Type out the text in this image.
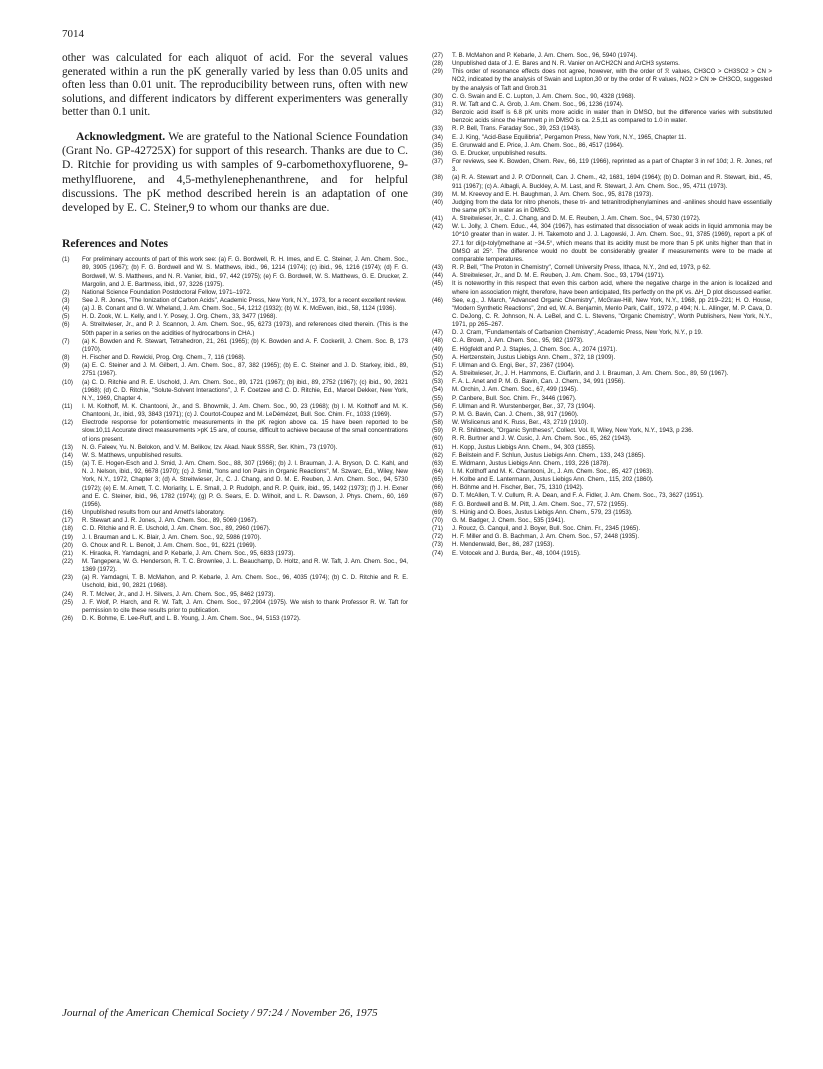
7014

other was calculated for each aliquot of acid. For the several values generated within a run the pK generally varied by less than 0.05 units and often less than 0.01 unit. The reproducibility between runs, often with new solutions, and different indicators by different experimenters was generally better than 0.1 unit.

Acknowledgment. We are grateful to the National Science Foundation (Grant No. GP-42725X) for support of this research. Thanks are due to C. D. Ritchie for providing us with samples of 9-carbomethoxyfluorene, 9-methylfluorene, and 4,5-methylenephenanthrene, and for helpful discussions. The pK method described herein is an adaptation of one developed by E. C. Steiner,9 to whom our thanks are due.

References and Notes
(1) For preliminary accounts of part of this work see: (a) F. G. Bordwell, R. H. Imes, and E. C. Steiner, J. Am. Chem. Soc., 89, 3905 (1967); (b) F. G. Bordwell and W. S. Matthews, ibid., 96, 1214 (1974); (c) ibid., 96, 1216 (1974); (d) F. G. Bordwell, W. S. Matthews, and N. R. Vanier, ibid., 97, 442 (1975); (e) F. G. Bordwell, W. S. Matthews, G. E. Drucker, Z. Margolin, and J. E. Bartmess, ibid., 97, 3226 (1975).
(2) National Science Foundation Postdoctoral Fellow, 1971–1972.
(3) See J. R. Jones, "The Ionization of Carbon Acids", Academic Press, New York, N.Y., 1973, for a recent excellent review.
(4) (a) J. B. Conant and G. W. Wheland, J. Am. Chem. Soc., 54, 1212 (1932); (b) W. K. McEwen, ibid., 58, 1124 (1936).
(5) H. D. Zook, W. L. Kelly, and I. Y. Posey, J. Org. Chem., 33, 3477 (1968).
(6) A. Streitwieser, Jr., and P. J. Scannon, J. Am. Chem. Soc., 95, 6273 (1973), and references cited therein. (This is the 50th paper in a series on the acidities of hydrocarbons in CHA.)
(7) (a) K. Bowden and R. Stewart, Tetrahedron, 21, 261 (1965); (b) K. Bowden and A. F. Cockerill, J. Chem. Soc. B, 173 (1970).
(8) H. Fischer and D. Rewicki, Prog. Org. Chem., 7, 116 (1968).
(9) (a) E. C. Steiner and J. M. Gilbert, J. Am. Chem. Soc., 87, 382 (1965); (b) E. C. Steiner and J. D. Starkey, ibid., 89, 2751 (1967).
(10) (a) C. D. Ritchie and R. E. Uschold, J. Am. Chem. Soc., 89, 1721 (1967); (b) ibid., 89, 2752 (1967); (c) ibid., 90, 2821 (1968); (d) C. D. Ritchie, "Solute-Solvent Interactions", J. F. Coetzee and C. D. Ritchie, Ed., Marcel Dekker, New York, N.Y., 1969, Chapter 4.
(11) I. M. Kolthoff, M. K. Chantooni, Jr., and S. Bhowmik, J. Am. Chem. Soc., 90, 23 (1968); (b) I. M. Kolthoff and M. K. Chantooni, Jr., ibid., 93, 3843 (1971); (c) J. Courtot-Coupez and M. LeDémézet, Bull. Soc. Chim. Fr., 1033 (1969).
(12) Electrode response for potentiometric measurements in the pK region above ca. 15 have been reported to be slow.10,11 Accurate direct measurements >pK 15 are, of course, difficult to achieve because of the small concentrations of ions present.
(13) N. G. Faleev, Yu. N. Belokon, and V. M. Belikov, Izv. Akad. Nauk SSSR, Ser. Khim., 73 (1970).
(14) W. S. Matthews, unpublished results.
(15) (a) T. E. Hogen-Esch and J. Smid, J. Am. Chem. Soc., 88, 307 (1966); (b) J. I. Brauman, J. A. Bryson, D. C. Kahl, and N. J. Nelson, ibid., 92, 6678 (1970); (c) J. Smid, "Ions and Ion Pairs in Organic Reactions", M. Szwarc, Ed., Wiley, New York, N.Y., 1972, Chapter 3; (d) A. Streitwieser, Jr., C. J. Chang, and D. M. E. Reuben, J. Am. Chem. Soc., 94, 5730 (1972); (e) E. M. Arnett, T. C. Moriarity, L. E. Small, J. P. Rudolph, and R. P. Quirk, ibid., 95, 1492 (1973); (f) J. H. Exner and E. C. Steiner, ibid., 96, 1782 (1974); (g) P. G. Sears, E. D. Wilhoit, and L. R. Dawson, J. Phys. Chem., 60, 169 (1956).
(16) Unpublished results from our and Arnett's laboratory.
(17) R. Stewart and J. R. Jones, J. Am. Chem. Soc., 89, 5069 (1967).
(18) C. D. Ritchie and R. E. Uschold, J. Am. Chem. Soc., 89, 2960 (1967).
(19) J. I. Brauman and L. K. Blair, J. Am. Chem. Soc., 92, 5986 (1970).
(20) G. Choux and R. L. Benoit, J. Am. Chem. Soc., 91, 6221 (1969).
(21) K. Hiraoka, R. Yamdagni, and P. Kebarle, J. Am. Chem. Soc., 95, 6833 (1973).
(22) M. Tangepera, W. G. Henderson, R. T. C. Brownlee, J. L. Beauchamp, D. Holtz, and R. W. Taft, J. Am. Chem. Soc., 94, 1369 (1972).
(23) (a) R. Yamdagni, T. B. McMahon, and P. Kebarle, J. Am. Chem. Soc., 96, 4035 (1974); (b) C. D. Ritchie and R. E. Uschold, ibid., 90, 2821 (1968).
(24) R. T. McIver, Jr., and J. H. Silvers, J. Am. Chem. Soc., 95, 8462 (1973).
(25) J. F. Wolf, P. Harch, and R. W. Taft, J. Am. Chem. Soc., 97,2904 (1975). We wish to thank Professor R. W. Taft for permission to cite these results prior to publication.
(26) D. K. Bohme, E. Lee-Ruff, and L. B. Young, J. Am. Chem. Soc., 94, 5153 (1972).
(27) T. B. McMahon and P. Kebarle, J. Am. Chem. Soc., 96, 5940 (1974).
(28) Unpublished data of J. E. Bares and N. R. Vanier on ArCH2CN and ArCH3 systems.
(29) This order of resonance effects does not agree, however, with the order of ℛ values, CH3CO > CH3SO2 > CN > NO2, indicated by the analysis of Swain and Lupton,30 or by the order of R values, NO2 > CN ≫ CH3CO, suggested by the analysis of Taft and Grob.31
(30) C. G. Swain and E. C. Lupton, J. Am. Chem. Soc., 90, 4328 (1968).
(31) R. W. Taft and C. A. Grob, J. Am. Chem. Soc., 96, 1236 (1974).
(32) Benzoic acid itself is 6.8 pK units more acidic in water than in DMSO, but the difference varies with substituted benzoic acids since the Hammett ρ in DMSO is ca. 2.5,11 as compared to 1.0 in water.
(33) R. P. Bell, Trans. Faraday Soc., 39, 253 (1943).
(34) E. J. King, "Acid-Base Equilibria", Pergamon Press, New York, N.Y., 1965, Chapter 11.
(35) E. Grunwald and E. Price, J. Am. Chem. Soc., 86, 4517 (1964).
(36) G. E. Drucker, unpublished results.
(37) For reviews, see K. Bowden, Chem. Rev., 66, 119 (1966), reprinted as a part of Chapter 3 in ref 10d; J. R. Jones, ref 3.
(38) (a) R. A. Stewart and J. P. O'Donnell, Can. J. Chem., 42, 1681, 1694 (1964); (b) D. Dolman and R. Stewart, ibid., 45, 911 (1967); (c) A. Albagli, A. Buckley, A. M. Last, and R. Stewart, J. Am. Chem. Soc., 95, 4711 (1973).
(39) M. M. Kreevoy and E. H. Baughman, J. Am. Chem. Soc., 95, 8178 (1973).
(40) Judging from the data for nitro phenols, these tri- and tetranitrodiphenylamines and -anilines should have essentially the same pK's in water as in DMSO.
(41) A. Streitwieser, Jr., C. J. Chang, and D. M. E. Reuben, J. Am. Chem. Soc., 94, 5730 (1972).
(42) W. L. Jolly, J. Chem. Educ., 44, 304 (1967), has estimated that dissociation of weak acids in liquid ammonia may be 10^10 greater than in water. J. H. Takemoto and J. J. Lagowski, J. Am. Chem. Soc., 91, 3785 (1969), report a pK of 27.1 for di(p-tolyl)methane at −34.5°, which means that its acidity must be more than 5 pK units higher than that in DMSO at 25°. The difference would no doubt be considerably greater if measurements were to be made at comparable temperatures.
(43) R. P. Bell, "The Proton in Chemistry", Cornell University Press, Ithaca, N.Y., 2nd ed, 1973, p 62.
(44) A. Streitwieser, Jr., and D. M. E. Reuben, J. Am. Chem. Soc., 93, 1794 (1971).
(45) It is noteworthy in this respect that even this carbon acid, where the negative charge in the anion is localized and where ion association might, therefore, have been anticipated, fits perfectly on the pK vs. ΔH_D plot discussed earlier.
(46) See, e.g., J. March, "Advanced Organic Chemistry", McGraw-Hill, New York, N.Y., 1968, pp 219–221; H. O. House, "Modern Synthetic Reactions", 2nd ed, W. A. Benjamin, Menlo Park, Calif., 1972, p 494; N. L. Allinger, M. P. Cava, D. C. DeJong, C. R. Johnson, N. A. LeBel, and C. L. Stevens, "Organic Chemistry", Worth Publishers, New York, N.Y., 1971, pp 265–267.
(47) D. J. Cram, "Fundamentals of Carbanion Chemistry", Academic Press, New York, N.Y., p 19.
(48) C. A. Brown, J. Am. Chem. Soc., 95, 982 (1973).
(49) E. Högfeldt and P. J. Staples, J. Chem. Soc. A., 2074 (1971).
(50) A. Hertzenstein, Justus Liebigs Ann. Chem., 372, 18 (1909).
(51) F. Ullman and G. Engi, Ber., 37, 2367 (1904).
(52) A. Streitwieser, Jr., J. H. Hammons, E. Ciuffarin, and J. I. Brauman, J. Am. Chem. Soc., 89, 59 (1967).
(53) F. A. L. Anet and P. M. G. Bavin, Can. J. Chem., 34, 991 (1956).
(54) M. Orchin, J. Am. Chem. Soc., 67, 499 (1945).
(55) P. Canbere, Bull. Soc. Chim. Fr., 3446 (1967).
(56) F. Ullman and R. Wurstenberger, Ber., 37, 73 (1904).
(57) P. M. G. Bavin, Can. J. Chem., 38, 917 (1960).
(58) W. Wislicenus and K. Russ, Ber., 43, 2719 (1910).
(59) P. R. Shildneck, "Organic Syntheses", Collect. Vol. II, Wiley, New York, N.Y., 1943, p 236.
(60) R. R. Burtner and J. W. Cusic, J. Am. Chem. Soc., 65, 262 (1943).
(61) H. Kopp, Justus Liebigs Ann. Chem., 94, 303 (1855).
(62) F. Beilstein and F. Schlun, Justus Liebigs Ann. Chem., 133, 243 (1865).
(63) E. Widmann, Justus Liebigs Ann. Chem., 193, 226 (1878).
(64) I. M. Kolthoff and M. K. Chantooni, Jr., J. Am. Chem. Soc., 85, 427 (1963).
(65) H. Kolbe and E. Lantermann, Justus Liebigs Ann. Chem., 115, 202 (1860).
(66) H. Böhme and H. Fischer, Ber., 75, 1310 (1942).
(67) D. T. McAllen, T. V. Cullum, R. A. Dean, and F. A. Fidler, J. Am. Chem. Soc., 73, 3627 (1951).
(68) F. G. Bordwell and B. M. Pitt, J. Am. Chem. Soc., 77, 572 (1955).
(69) S. Hünig and O. Boes, Justus Liebigs Ann. Chem., 579, 23 (1953).
(70) G. M. Badger, J. Chem. Soc., 535 (1941).
(71) J. Roucz, G. Canquil, and J. Boyer, Bull. Soc. Chim. Fr., 2345 (1965).
(72) H. F. Miller and G. B. Bachman, J. Am. Chem. Soc., 57, 2448 (1935).
(73) H. Mendenwald, Ber., 86, 287 (1953).
(74) E. Votocek and J. Burda, Ber., 48, 1004 (1915).
Journal of the American Chemical Society / 97:24 / November 26, 1975
